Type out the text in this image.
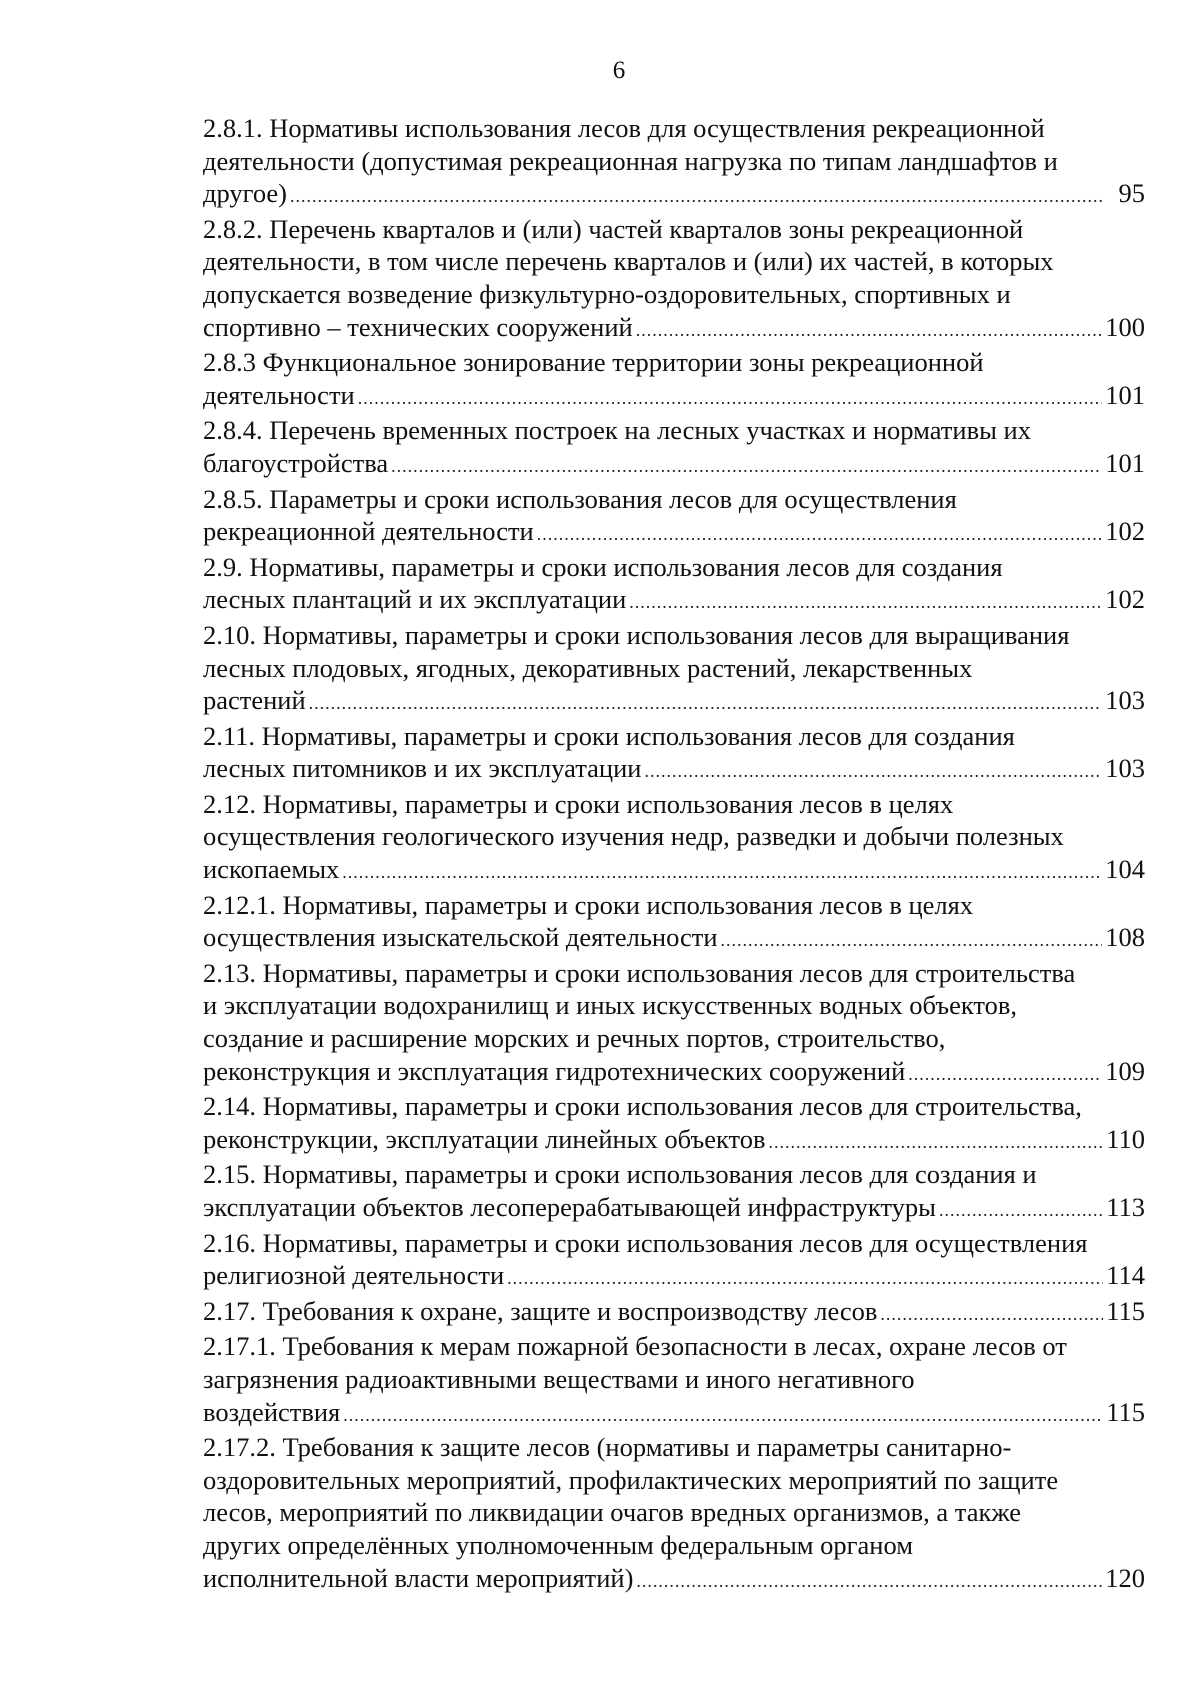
6
2.8.1. Нормативы использования лесов для осуществления рекреационной
деятельности (допустимая рекреационная нагрузка по типам ландшафтов и
другое) .....	95
2.8.2. Перечень кварталов и (или) частей кварталов зоны рекреационной
деятельности, в том числе перечень кварталов и (или) их частей, в которых
допускается возведение физкультурно-оздоровительных, спортивных и
спортивно – технических сооружений .....	100
2.8.3 Функциональное зонирование территории зоны рекреационной
деятельности .....	101
2.8.4. Перечень временных построек на лесных участках и нормативы их
благоустройства .....	101
2.8.5. Параметры и сроки использования лесов для осуществления
рекреационной деятельности .....	102
2.9. Нормативы, параметры и сроки использования лесов для создания
лесных плантаций и их эксплуатации .....	102
2.10. Нормативы, параметры и сроки использования лесов для выращивания
лесных плодовых, ягодных, декоративных растений, лекарственных
растений .....	103
2.11. Нормативы, параметры и сроки использования лесов для создания
лесных питомников и их эксплуатации .....	103
2.12. Нормативы, параметры и сроки использования лесов в целях
осуществления геологического изучения недр, разведки и добычи полезных
ископаемых .....	104
2.12.1. Нормативы, параметры и сроки использования лесов в целях
осуществления изыскательской деятельности .....	108
2.13. Нормативы, параметры и сроки использования лесов для строительства
и эксплуатации водохранилищ и иных искусственных водных объектов,
создание и расширение морских и речных портов, строительство,
реконструкция и эксплуатация гидротехнических сооружений .....	109
2.14. Нормативы, параметры и сроки использования лесов для строительства,
реконструкции, эксплуатации линейных объектов .....	110
2.15. Нормативы, параметры и сроки использования лесов для создания и
эксплуатации объектов лесоперерабатывающей инфраструктуры .....	113
2.16. Нормативы, параметры и сроки использования лесов для осуществления
религиозной деятельности .....	114
2.17. Требования к охране, защите и воспроизводству лесов .....	115
2.17.1. Требования к мерам пожарной безопасности в лесах, охране лесов от
загрязнения радиоактивными веществами и иного негативного
воздействия .....	115
2.17.2. Требования к защите лесов (нормативы и параметры санитарно-
оздоровительных мероприятий, профилактических мероприятий по защите
лесов, мероприятий по ликвидации очагов вредных организмов, а также
других определённых уполномоченным федеральным органом
исполнительной власти мероприятий) .....	120
